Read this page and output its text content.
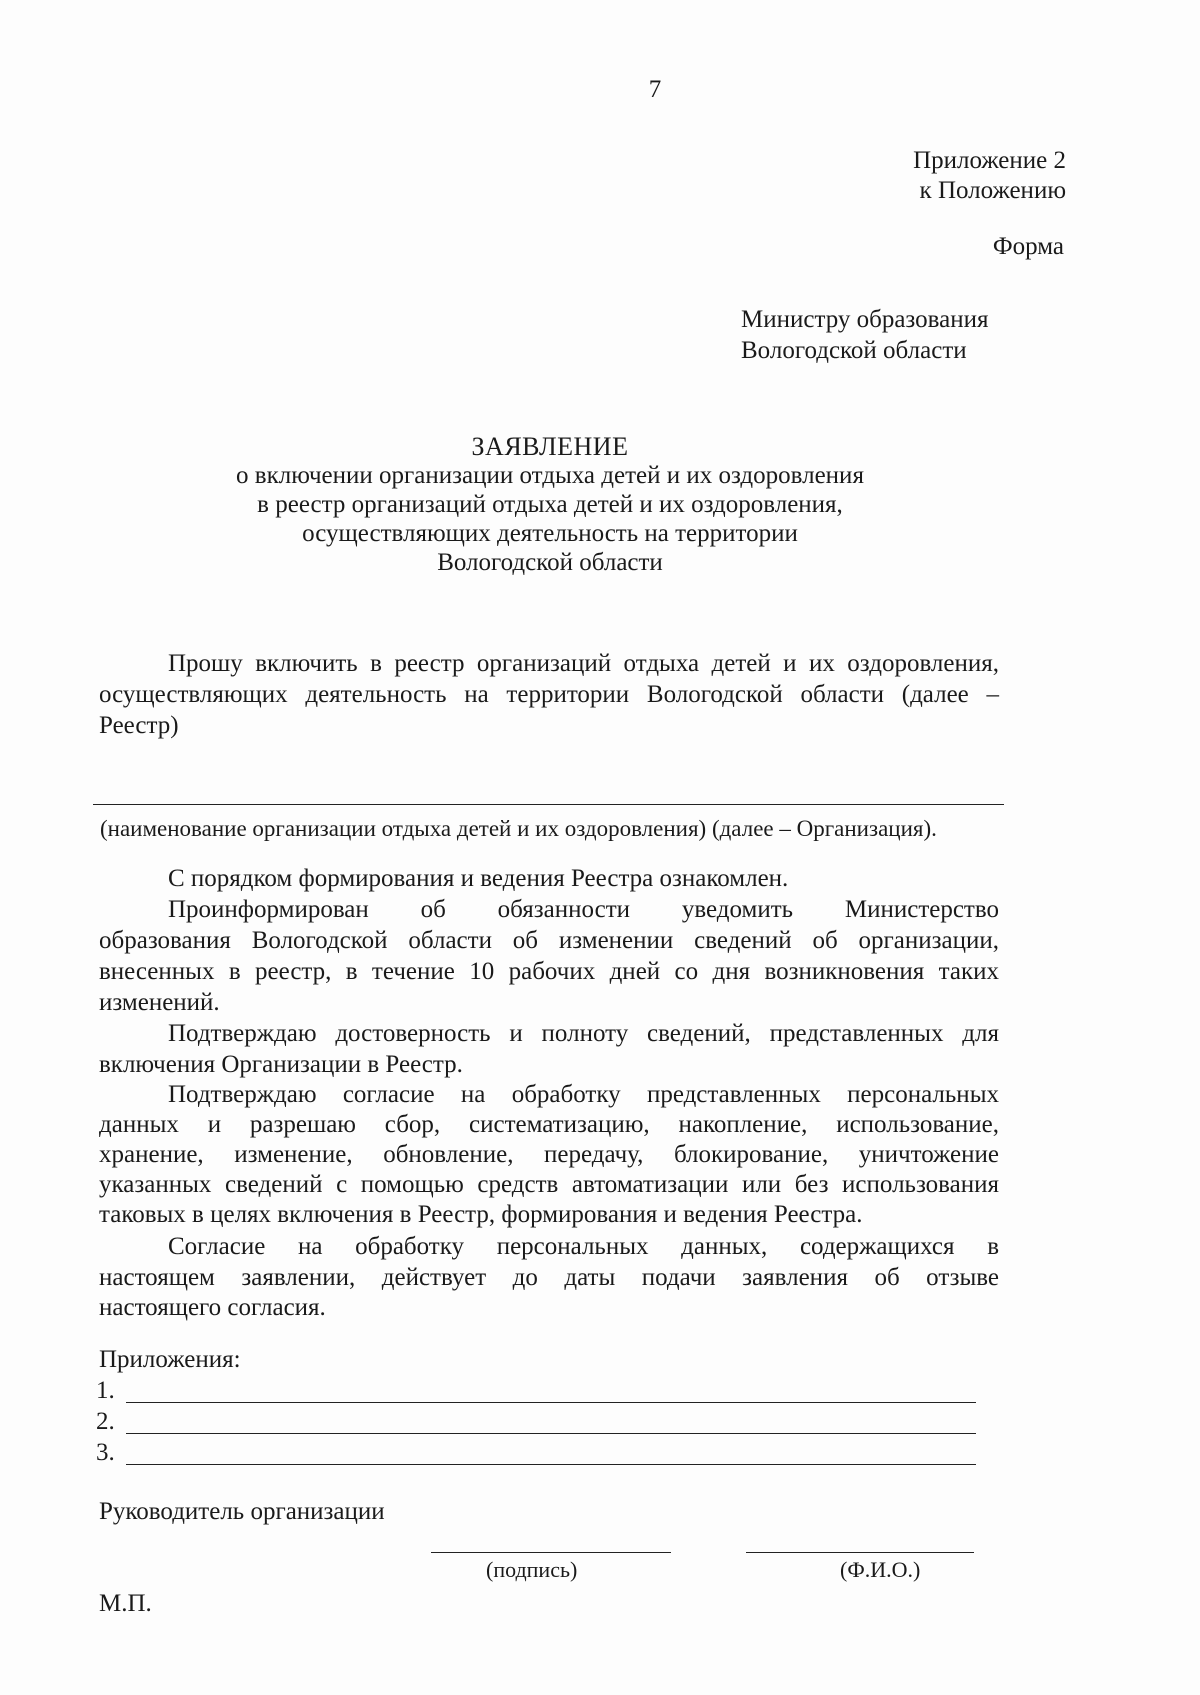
7
Приложение 2
к Положению
Форма
Министру образования
Вологодской области
ЗАЯВЛЕНИЕ
о включении организации отдыха детей и их оздоровления
в реестр организаций отдыха детей и их оздоровления,
осуществляющих деятельность на территории
Вологодской области
Прошу включить в реестр организаций отдыха детей и их оздоровления,
осуществляющих деятельность на территории Вологодской области (далее –
Реестр)
(наименование организации отдыха детей и их оздоровления) (далее – Организация).
С порядком формирования и ведения Реестра ознакомлен.
Проинформирован об обязанности уведомить Министерство
образования Вологодской области об изменении сведений об организации,
внесенных в реестр, в течение 10 рабочих дней со дня возникновения таких
изменений.
Подтверждаю достоверность и полноту сведений, представленных для
включения Организации в Реестр.
Подтверждаю согласие на обработку представленных персональных
данных и разрешаю сбор, систематизацию, накопление, использование,
хранение, изменение, обновление, передачу, блокирование, уничтожение
указанных сведений с помощью средств автоматизации или без использования
таковых в целях включения в Реестр, формирования и ведения Реестра.
Согласие на обработку персональных данных, содержащихся в
настоящем заявлении, действует до даты подачи заявления об отзыве
настоящего согласия.
Приложения:
1.
2.
3.
Руководитель организации
(подпись)	(Ф.И.О.)
М.П.
